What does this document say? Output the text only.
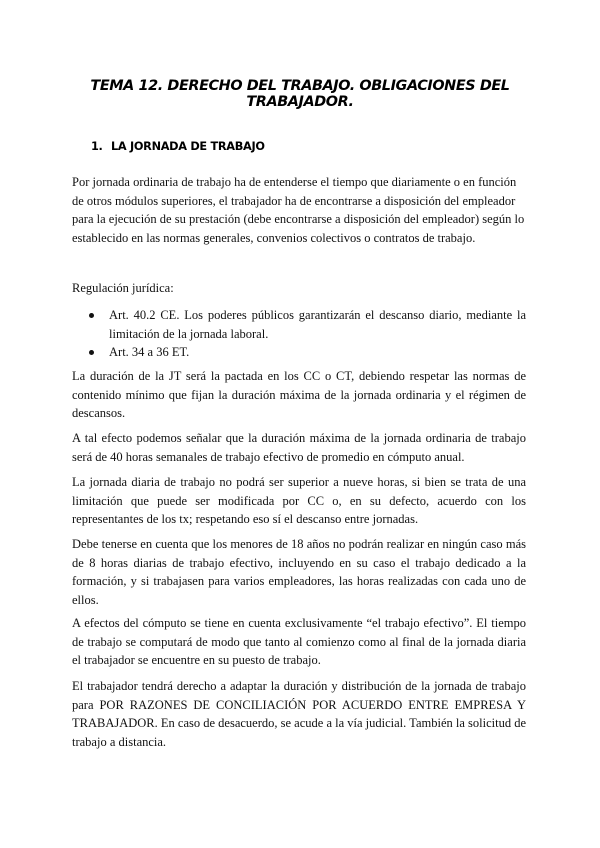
TEMA 12. DERECHO DEL TRABAJO. OBLIGACIONES DEL TRABAJADOR.
1. LA JORNADA DE TRABAJO

Por jornada ordinaria de trabajo ha de entenderse el tiempo que diariamente o en función de otros módulos superiores, el trabajador ha de encontrarse a disposición del empleador para la ejecución de su prestación (debe encontrarse a disposición del empleador) según lo establecido en las normas generales, convenios colectivos o contratos de trabajo.

Regulación jurídica:

Art. 40.2 CE. Los poderes públicos garantizarán el descanso diario, mediante la limitación de la jornada laboral.
Art. 34 a 36 ET.

La duración de la JT será la pactada en los CC o CT, debiendo respetar las normas de contenido mínimo que fijan la duración máxima de la jornada ordinaria y el régimen de descansos.

A tal efecto podemos señalar que la duración máxima de la jornada ordinaria de trabajo será de 40 horas semanales de trabajo efectivo de promedio en cómputo anual.

La jornada diaria de trabajo no podrá ser superior a nueve horas, si bien se trata de una limitación que puede ser modificada por CC o, en su defecto, acuerdo con los representantes de los tx; respetando eso sí el descanso entre jornadas.

Debe tenerse en cuenta que los menores de 18 años no podrán realizar en ningún caso más de 8 horas diarias de trabajo efectivo, incluyendo en su caso el trabajo dedicado a la formación, y si trabajasen para varios empleadores, las horas realizadas con cada uno de ellos.

A efectos del cómputo se tiene en cuenta exclusivamente “el trabajo efectivo”. El tiempo de trabajo se computará de modo que tanto al comienzo como al final de la jornada diaria el trabajador se encuentre en su puesto de trabajo.

El trabajador tendrá derecho a adaptar la duración y distribución de la jornada de trabajo para POR RAZONES DE CONCILIACIÓN POR ACUERDO ENTRE EMPRESA Y TRABAJADOR. En caso de desacuerdo, se acude a la vía judicial. También la solicitud de trabajo a distancia.
